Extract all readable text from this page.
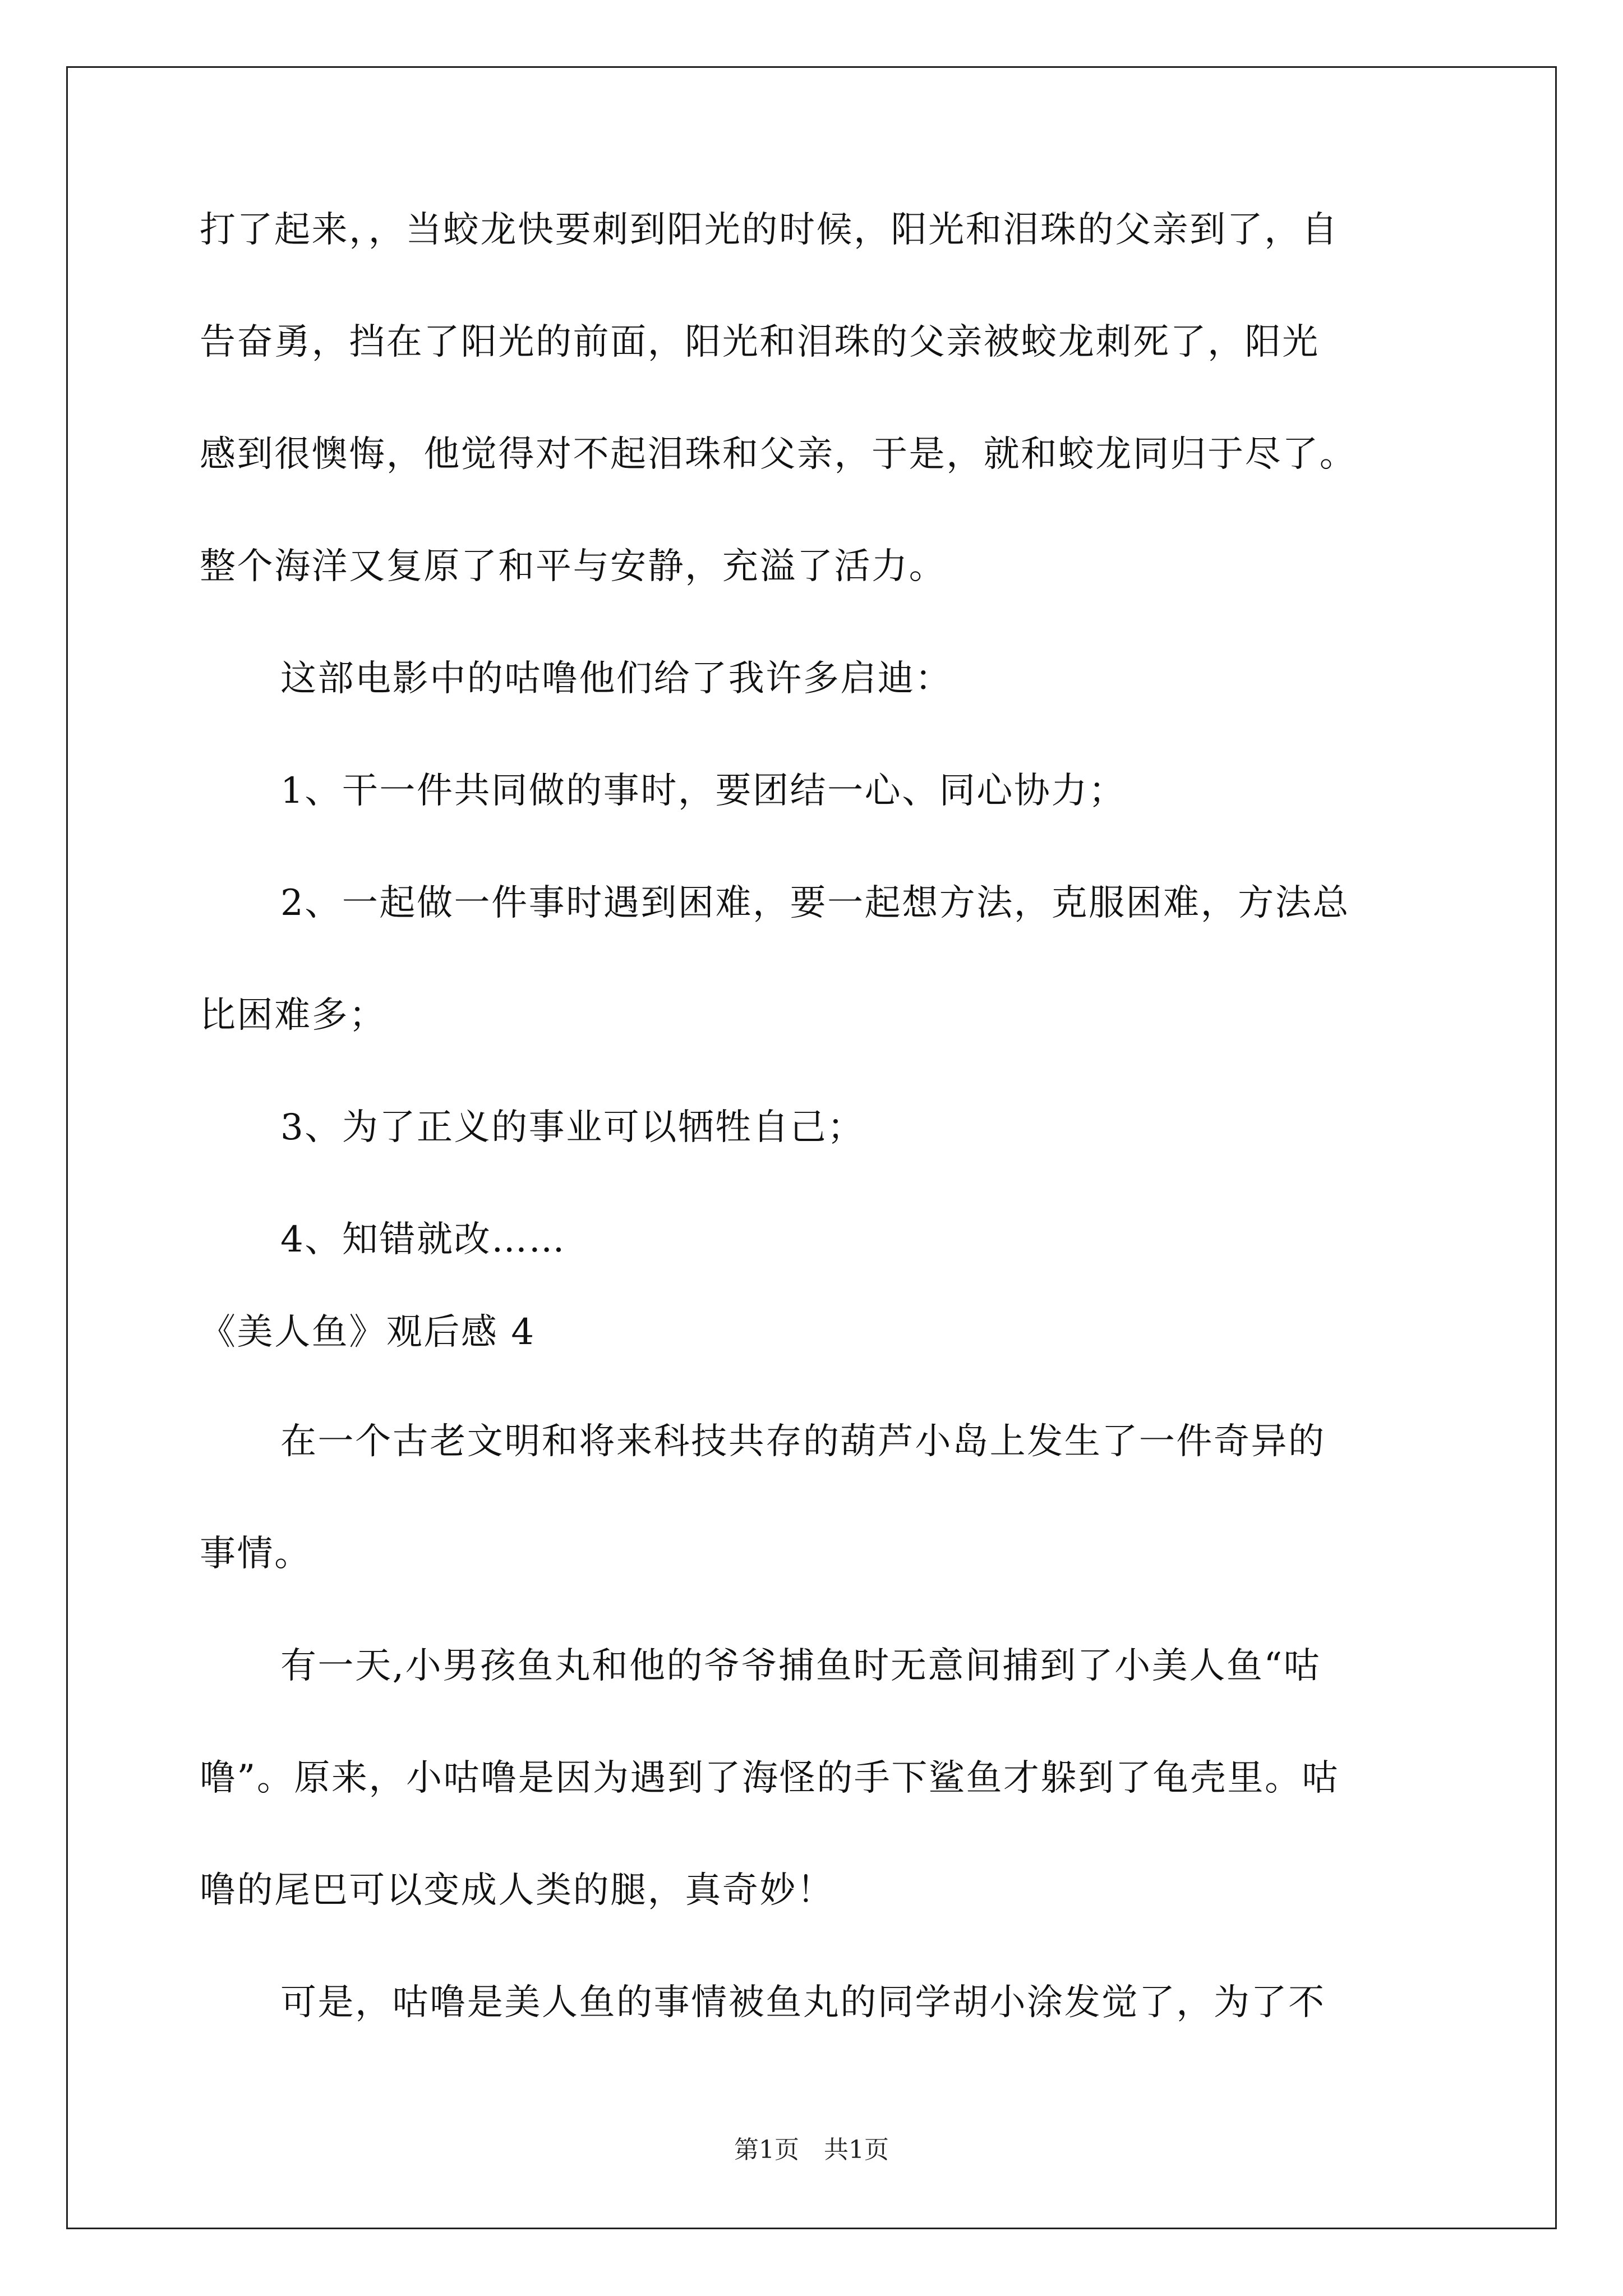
打了起来，，当蛟龙快要刺到阳光的时候，阳光和泪珠的父亲到了，自
告奋勇，挡在了阳光的前面，阳光和泪珠的父亲被蛟龙刺死了，阳光
感到很懊悔，他觉得对不起泪珠和父亲，于是，就和蛟龙同归于尽了。
整个海洋又复原了和平与安静，充溢了活力。
这部电影中的咕噜他们给了我许多启迪：
1、干一件共同做的事时，要团结一心、同心协力；
2、一起做一件事时遇到困难，要一起想方法，克服困难，方法总
比困难多；
3、为了正义的事业可以牺牲自己；
4、知错就改……
《美人鱼》观后感 4
在一个古老文明和将来科技共存的葫芦小岛上发生了一件奇异的
事情。
有一天,小男孩鱼丸和他的爷爷捕鱼时无意间捕到了小美人鱼“咕
噜”。原来，小咕噜是因为遇到了海怪的手下鲨鱼才躲到了龟壳里。咕
噜的尾巴可以变成人类的腿，真奇妙！
可是，咕噜是美人鱼的事情被鱼丸的同学胡小涂发觉了，为了不
第1页　共1页
